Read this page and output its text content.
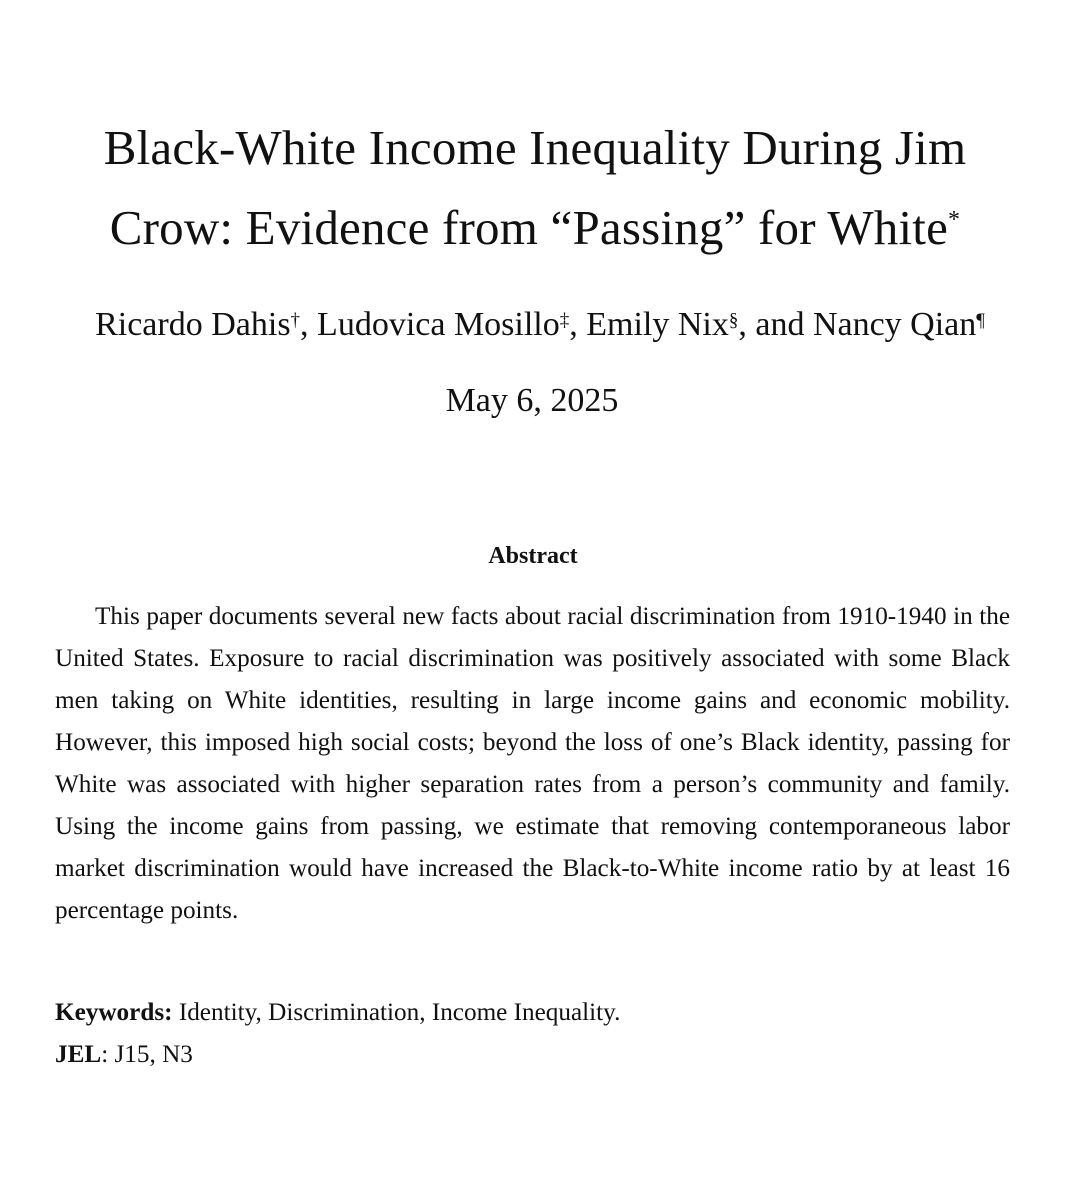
Black-White Income Inequality During Jim
Crow: Evidence from “Passing” for White*
Ricardo Dahis†, Ludovica Mosillo‡, Emily Nix§, and Nancy Qian¶
May 6, 2025
Abstract

This paper documents several new facts about racial discrimination from 1910-1940 in the United States. Exposure to racial discrimination was positively associated with some Black men taking on White identities, resulting in large income gains and economic mobility. However, this imposed high social costs; beyond the loss of one’s Black identity, passing for White was associated with higher separation rates from a person’s community and family. Using the income gains from passing, we estimate that removing contemporaneous labor market discrimination would have increased the Black-to-White income ratio by at least 16 percentage points.

Keywords: Identity, Discrimination, Income Inequality.

JEL: J15, N3
